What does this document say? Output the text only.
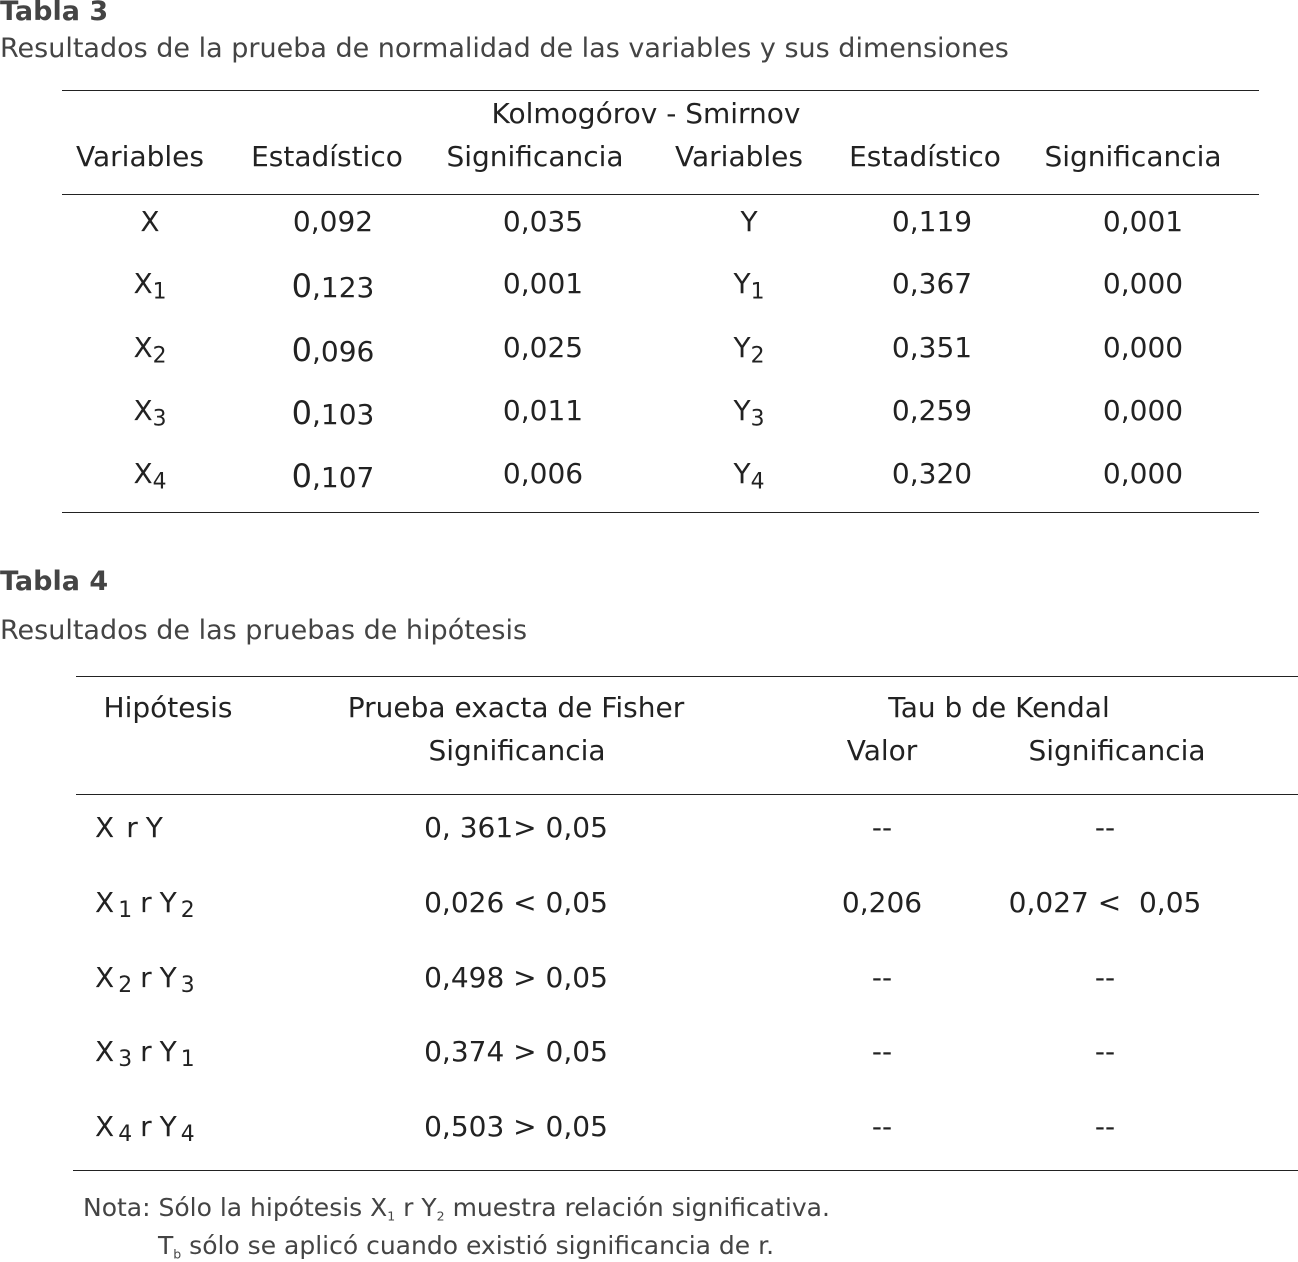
Tabla 3
Resultados de la prueba de normalidad de las variables y sus dimensiones
Kolmogórov - Smirnov
Variables Estadístico Significancia Variables Estadístico Significancia
X	0,092	0,035	Y	0,119	0,001
$X_1$	0,123	0,001	$Y_1$	0,367	0,000
$X_2$	0,096	0,025	$Y_2$	0,351	0,000
$X_3$	0,103	0,011	$Y_3$	0,259	0,000
$X_4$	0,107	0,006	$Y_4$	0,320	0,000
Tabla 4
Resultados de las pruebas de hipótesis
Hipótesis	Prueba exacta de Fisher
Significancia
Tau b de Kendal
Valor	Significancia
X r Y	0, 361> 0,05	--	--
X $_1$ r Y $_2$	0,026 < 0,05	0,206	0,027 <  0,05
X $_2$ r Y $_3$	0,498 > 0,05	--	--
X $_3$ r Y $_1$	0,374 > 0,05	--	--
X $_4$ r Y $_4$	0,503 > 0,05	--	--
Nota: Sólo la hipótesis $X_1$ r $Y_2$ muestra relación significativa.
$T_b$ sólo se aplicó cuando existió significancia de r.
